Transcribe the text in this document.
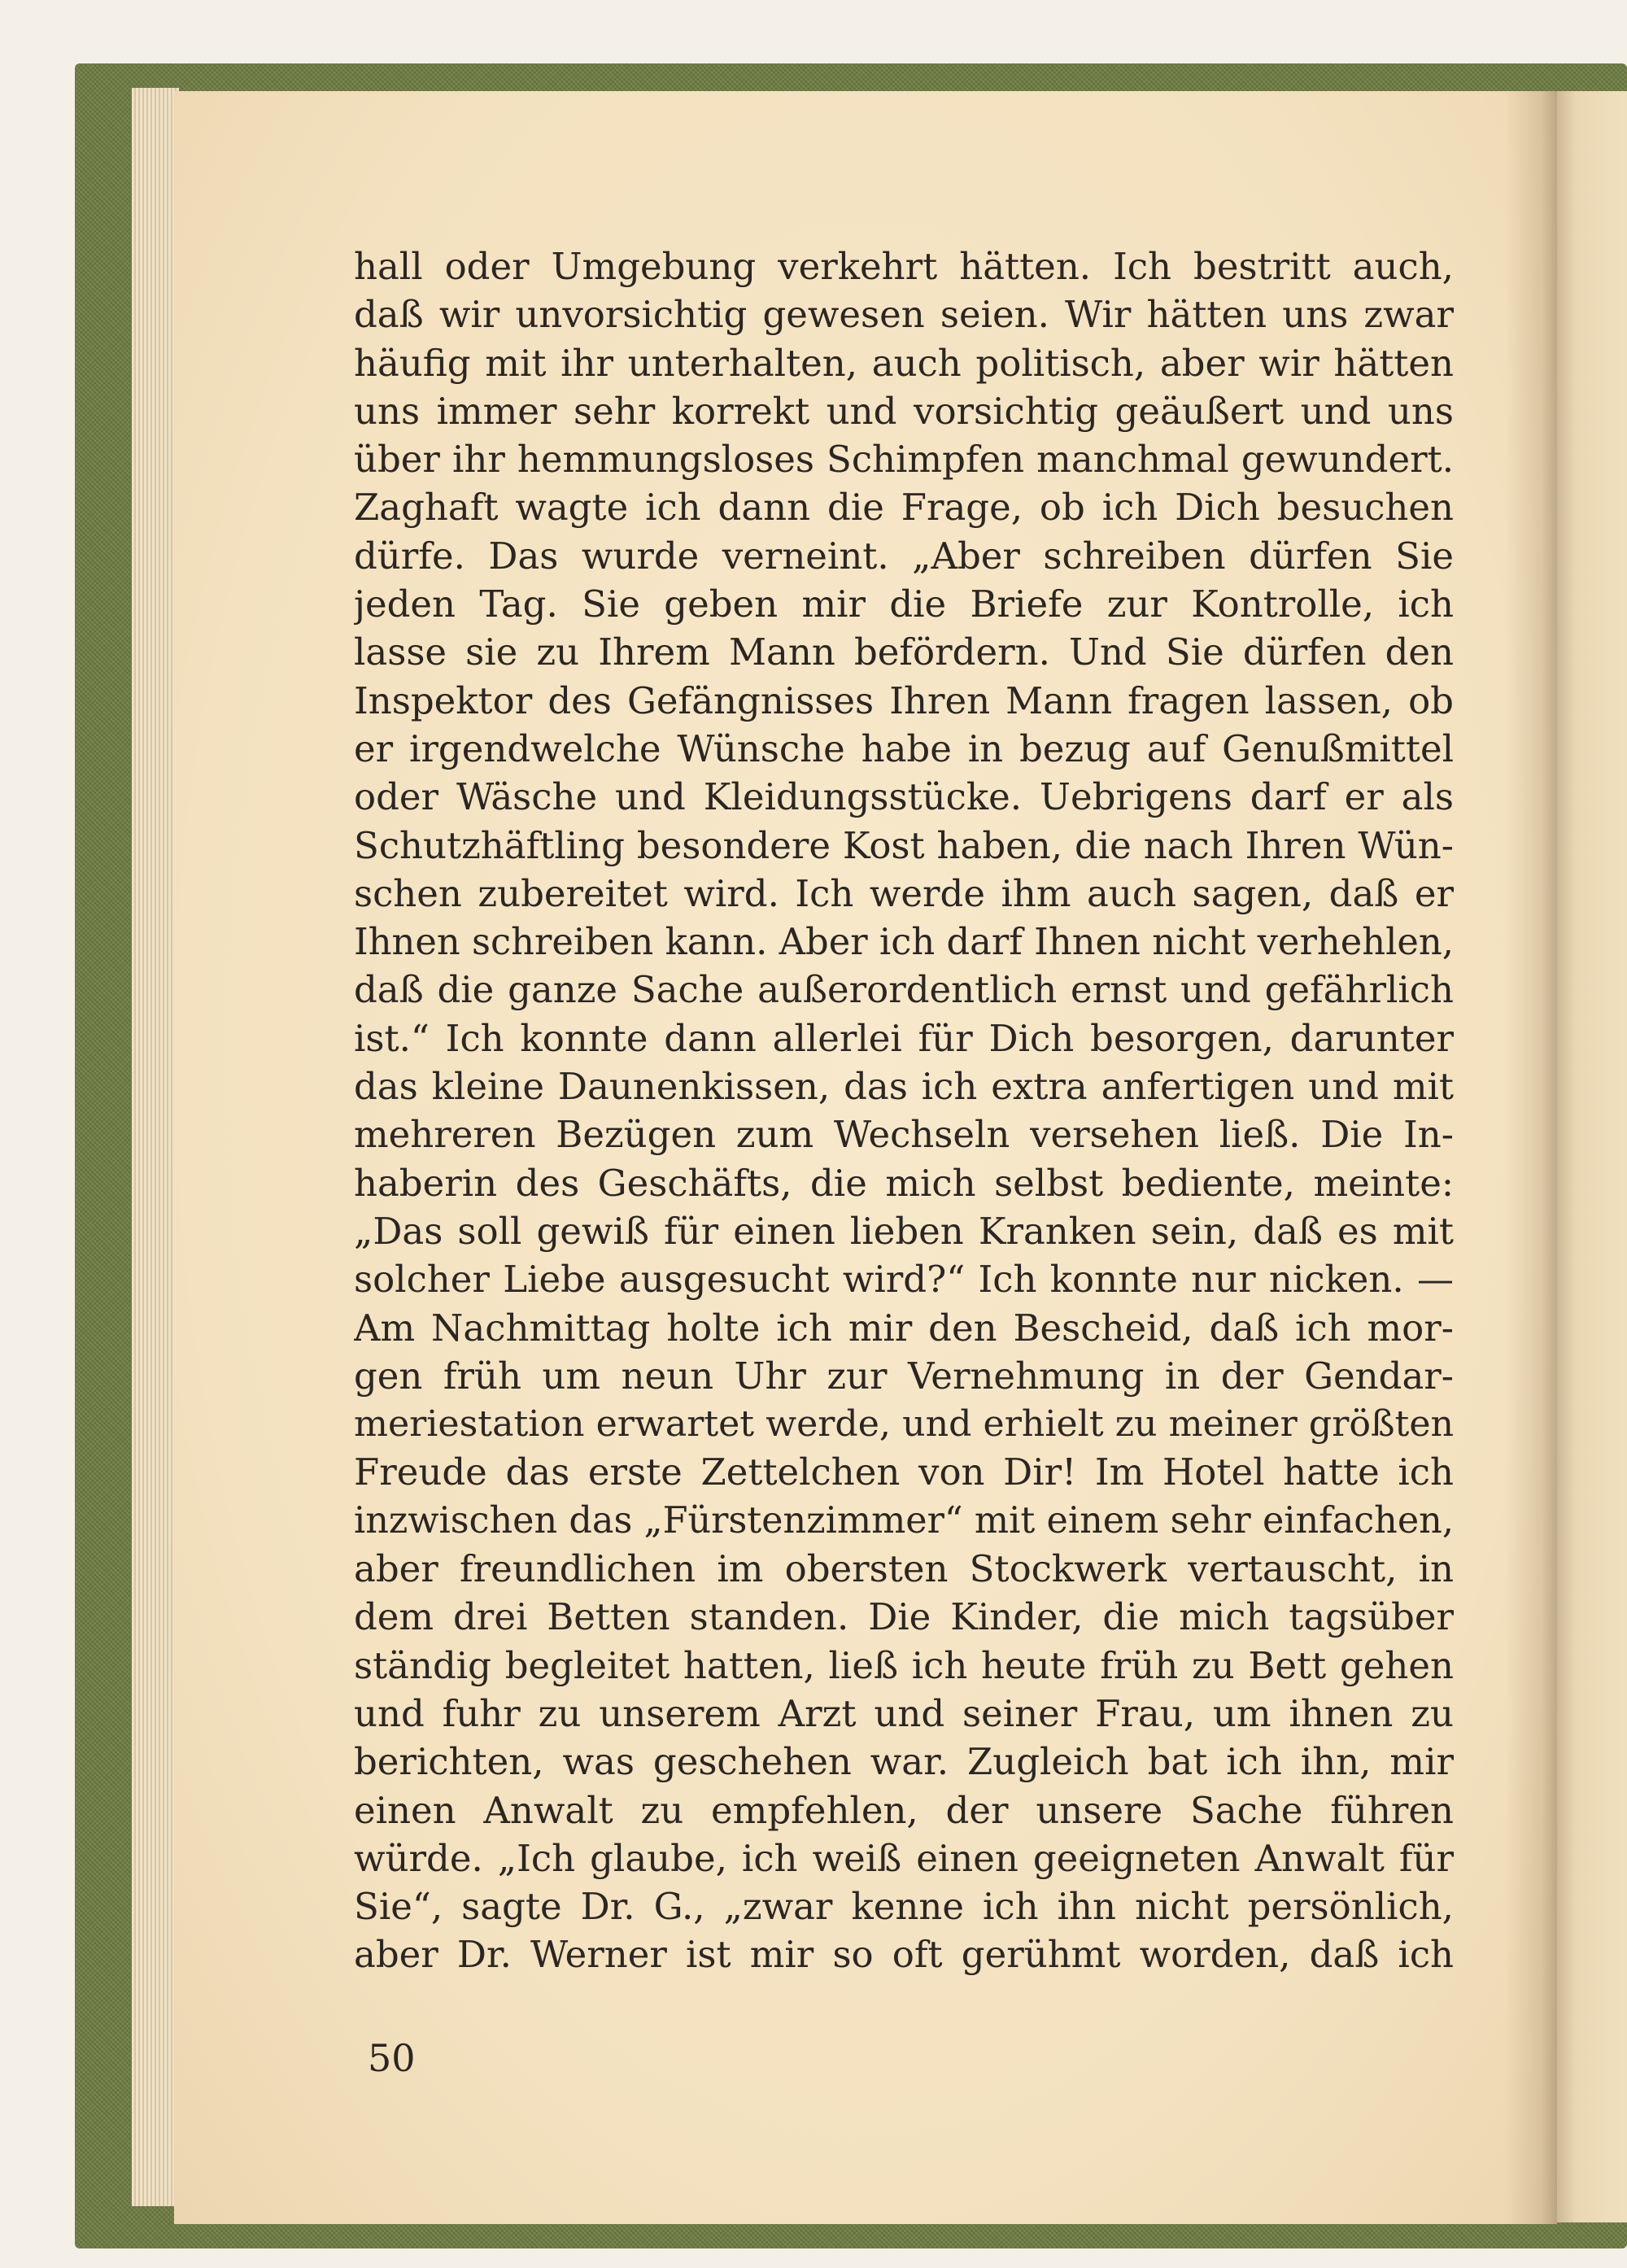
hall oder Umgebung verkehrt hätten. Ich bestritt auch,
daß wir unvorsichtig gewesen seien. Wir hätten uns zwar
häufig mit ihr unterhalten, auch politisch, aber wir hätten
uns immer sehr korrekt und vorsichtig geäußert und uns
über ihr hemmungsloses Schimpfen manchmal gewundert.
Zaghaft wagte ich dann die Frage, ob ich Dich besuchen
dürfe. Das wurde verneint. „Aber schreiben dürfen Sie
jeden Tag. Sie geben mir die Briefe zur Kontrolle, ich
lasse sie zu Ihrem Mann befördern. Und Sie dürfen den
Inspektor des Gefängnisses Ihren Mann fragen lassen, ob
er irgendwelche Wünsche habe in bezug auf Genußmittel
oder Wäsche und Kleidungsstücke. Uebrigens darf er als
Schutzhäftling besondere Kost haben, die nach Ihren Wün-
schen zubereitet wird. Ich werde ihm auch sagen, daß er
Ihnen schreiben kann. Aber ich darf Ihnen nicht verhehlen,
daß die ganze Sache außerordentlich ernst und gefährlich
ist.“ Ich konnte dann allerlei für Dich besorgen, darunter
das kleine Daunenkissen, das ich extra anfertigen und mit
mehreren Bezügen zum Wechseln versehen ließ. Die In-
haberin des Geschäfts, die mich selbst bediente, meinte:
„Das soll gewiß für einen lieben Kranken sein, daß es mit
solcher Liebe ausgesucht wird?“ Ich konnte nur nicken. —
Am Nachmittag holte ich mir den Bescheid, daß ich mor-
gen früh um neun Uhr zur Vernehmung in der Gendar-
meriestation erwartet werde, und erhielt zu meiner größten
Freude das erste Zettelchen von Dir! Im Hotel hatte ich
inzwischen das „Fürstenzimmer“ mit einem sehr einfachen,
aber freundlichen im obersten Stockwerk vertauscht, in
dem drei Betten standen. Die Kinder, die mich tagsüber
ständig begleitet hatten, ließ ich heute früh zu Bett gehen
und fuhr zu unserem Arzt und seiner Frau, um ihnen zu
berichten, was geschehen war. Zugleich bat ich ihn, mir
einen Anwalt zu empfehlen, der unsere Sache führen
würde. „Ich glaube, ich weiß einen geeigneten Anwalt für
Sie“, sagte Dr. G., „zwar kenne ich ihn nicht persönlich,
aber Dr. Werner ist mir so oft gerühmt worden, daß ich
50
